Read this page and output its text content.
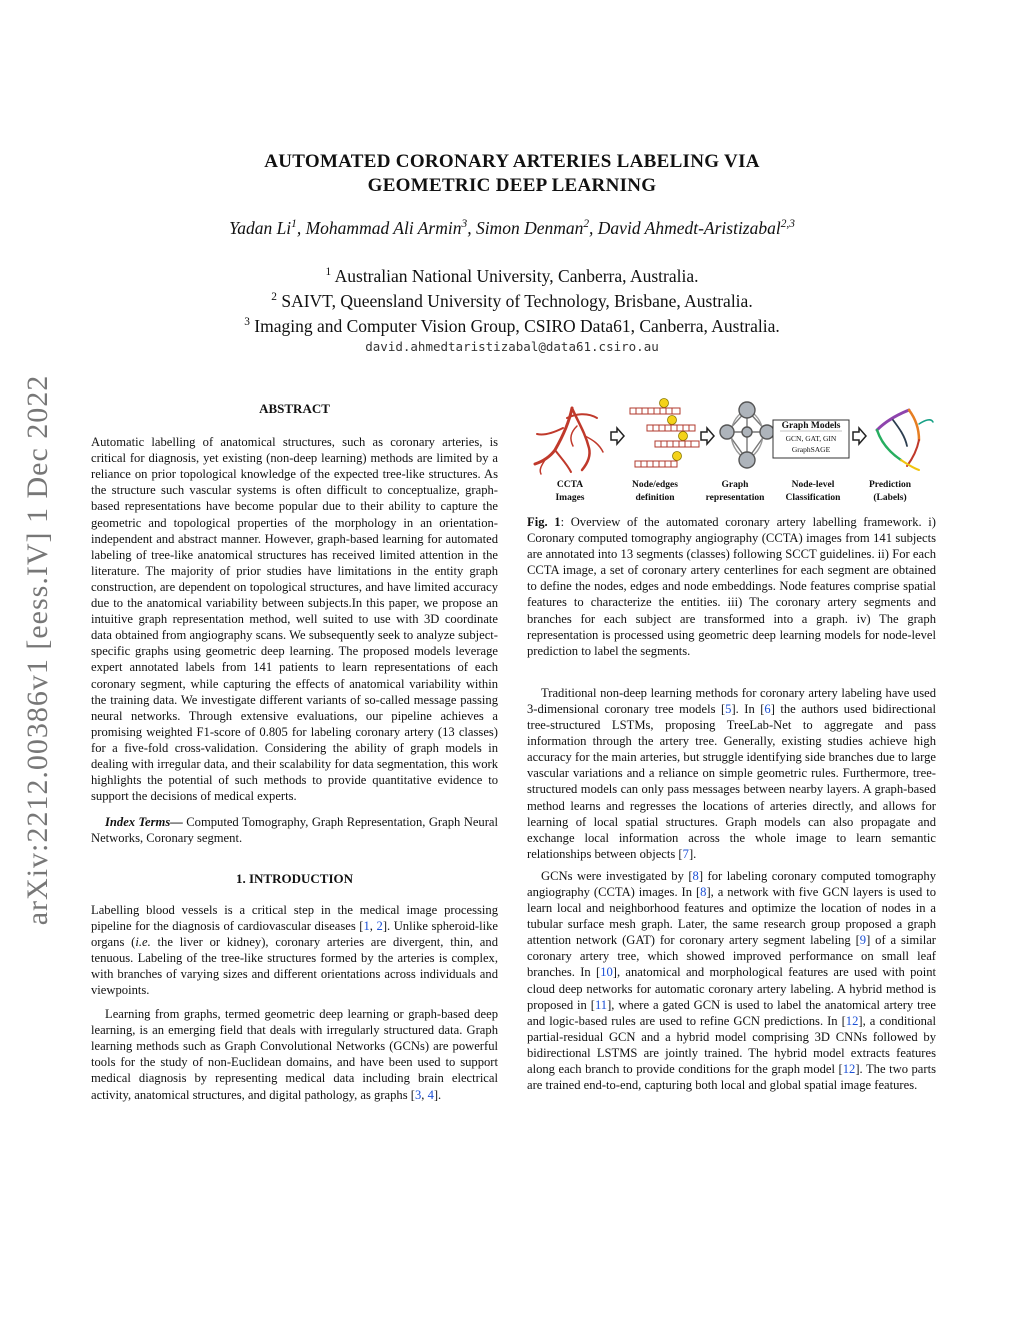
arXiv:2212.00386v1 [eess.IV] 1 Dec 2022
AUTOMATED CORONARY ARTERIES LABELING VIA
GEOMETRIC DEEP LEARNING
Yadan Li$^1$, Mohammad Ali Armin$^3$, Simon Denman$^2$, David Ahmedt-Aristizabal$^{2,3}$
$^1$ Australian National University, Canberra, Australia.
$^2$ SAIVT, Queensland University of Technology, Brisbane, Australia.
$^3$ Imaging and Computer Vision Group, CSIRO Data61, Canberra, Australia.
david.ahmedtaristizabal@data61.csiro.au
ABSTRACT

Automatic labelling of anatomical structures, such as coronary arteries, is critical for diagnosis, yet existing (non-deep learning) methods are limited by a reliance on prior topological knowledge of the expected tree-like structures. As the structure such vascular systems is often difficult to conceptualize, graph-based representations have become popular due to their ability to capture the geometric and topological properties of the morphology in an orientation-independent and abstract manner. However, graph-based learning for automated labeling of tree-like anatomical structures has received limited attention in the literature. The majority of prior studies have limitations in the entity graph construction, are dependent on topological structures, and have limited accuracy due to the anatomical variability between subjects.In this paper, we propose an intuitive graph representation method, well suited to use with 3D coordinate data obtained from angiography scans. We subsequently seek to analyze subject-specific graphs using geometric deep learning. The proposed models leverage expert annotated labels from 141 patients to learn representations of each coronary segment, while capturing the effects of anatomical variability within the training data. We investigate different variants of so-called message passing neural networks. Through extensive evaluations, our pipeline achieves a promising weighted F1-score of 0.805 for labeling coronary artery (13 classes) for a five-fold cross-validation. Considering the ability of graph models in dealing with irregular data, and their scalability for data segmentation, this work highlights the potential of such methods to provide quantitative evidence to support the decisions of medical experts.

Index Terms— Computed Tomography, Graph Representation, Graph Neural Networks, Coronary segment.

1. INTRODUCTION

Labelling blood vessels is a critical step in the medical image processing pipeline for the diagnosis of cardiovascular diseases [1, 2]. Unlike spheroid-like organs (i.e. the liver or kidney), coronary arteries are divergent, thin, and tenuous. Labeling of the tree-like structures formed by the arteries is complex, with branches of varying sizes and different orientations across individuals and viewpoints.

Learning from graphs, termed geometric deep learning or graph-based deep learning, is an emerging field that deals with irregularly structured data. Graph learning methods such as Graph Convolutional Networks (GCNs) are powerful tools for the study of non-Euclidean domains, and have been used to support medical diagnosis by representing medical data including brain electrical activity, anatomical structures, and digital pathology, as graphs [3, 4].

Graph Models
GCN, GAT, GIN
GraphSAGE
CCTA
Images
Node/edges
definition
Graph
representation
Node-level
Classification
Prediction
(Labels)

Fig. 1: Overview of the automated coronary artery labelling framework. i) Coronary computed tomography angiography (CCTA) images from 141 subjects are annotated into 13 segments (classes) following SCCT guidelines. ii) For each CCTA image, a set of coronary artery centerlines for each segment are obtained to define the nodes, edges and node embeddings. Node features comprise spatial features to characterize the entities. iii) The coronary artery segments and branches for each subject are transformed into a graph. iv) The graph representation is processed using geometric deep learning models for node-level prediction to label the segments.

Traditional non-deep learning methods for coronary artery labeling have used 3-dimensional coronary tree models [5]. In [6] the authors used bidirectional tree-structured LSTMs, proposing TreeLab-Net to aggregate and pass information through the artery tree. Generally, existing studies achieve high accuracy for the main arteries, but struggle identifying side branches due to large vascular variations and a reliance on simple geometric rules. Furthermore, tree-structured models can only pass messages between nearby layers. A graph-based method learns and regresses the locations of arteries directly, and allows for learning of local spatial structures. Graph models can also propagate and exchange local information across the whole image to learn semantic relationships between objects [7].

GCNs were investigated by [8] for labeling coronary computed tomography angiography (CCTA) images. In [8], a network with five GCN layers is used to learn local and neighborhood features and optimize the location of nodes in a tubular surface mesh graph. Later, the same research group proposed a graph attention network (GAT) for coronary artery segment labeling [9] of a similar coronary artery tree, which showed improved performance on small leaf branches. In [10], anatomical and morphological features are used with point cloud deep networks for automatic coronary artery labeling. A hybrid method is proposed in [11], where a gated GCN is used to label the anatomical artery tree and logic-based rules are used to refine GCN predictions. In [12], a conditional partial-residual GCN and a hybrid model comprising 3D CNNs followed by bidirectional LSTMS are jointly trained. The hybrid model extracts features along each branch to provide conditions for the graph model [12]. The two parts are trained end-to-end, capturing both local and global spatial image features.
